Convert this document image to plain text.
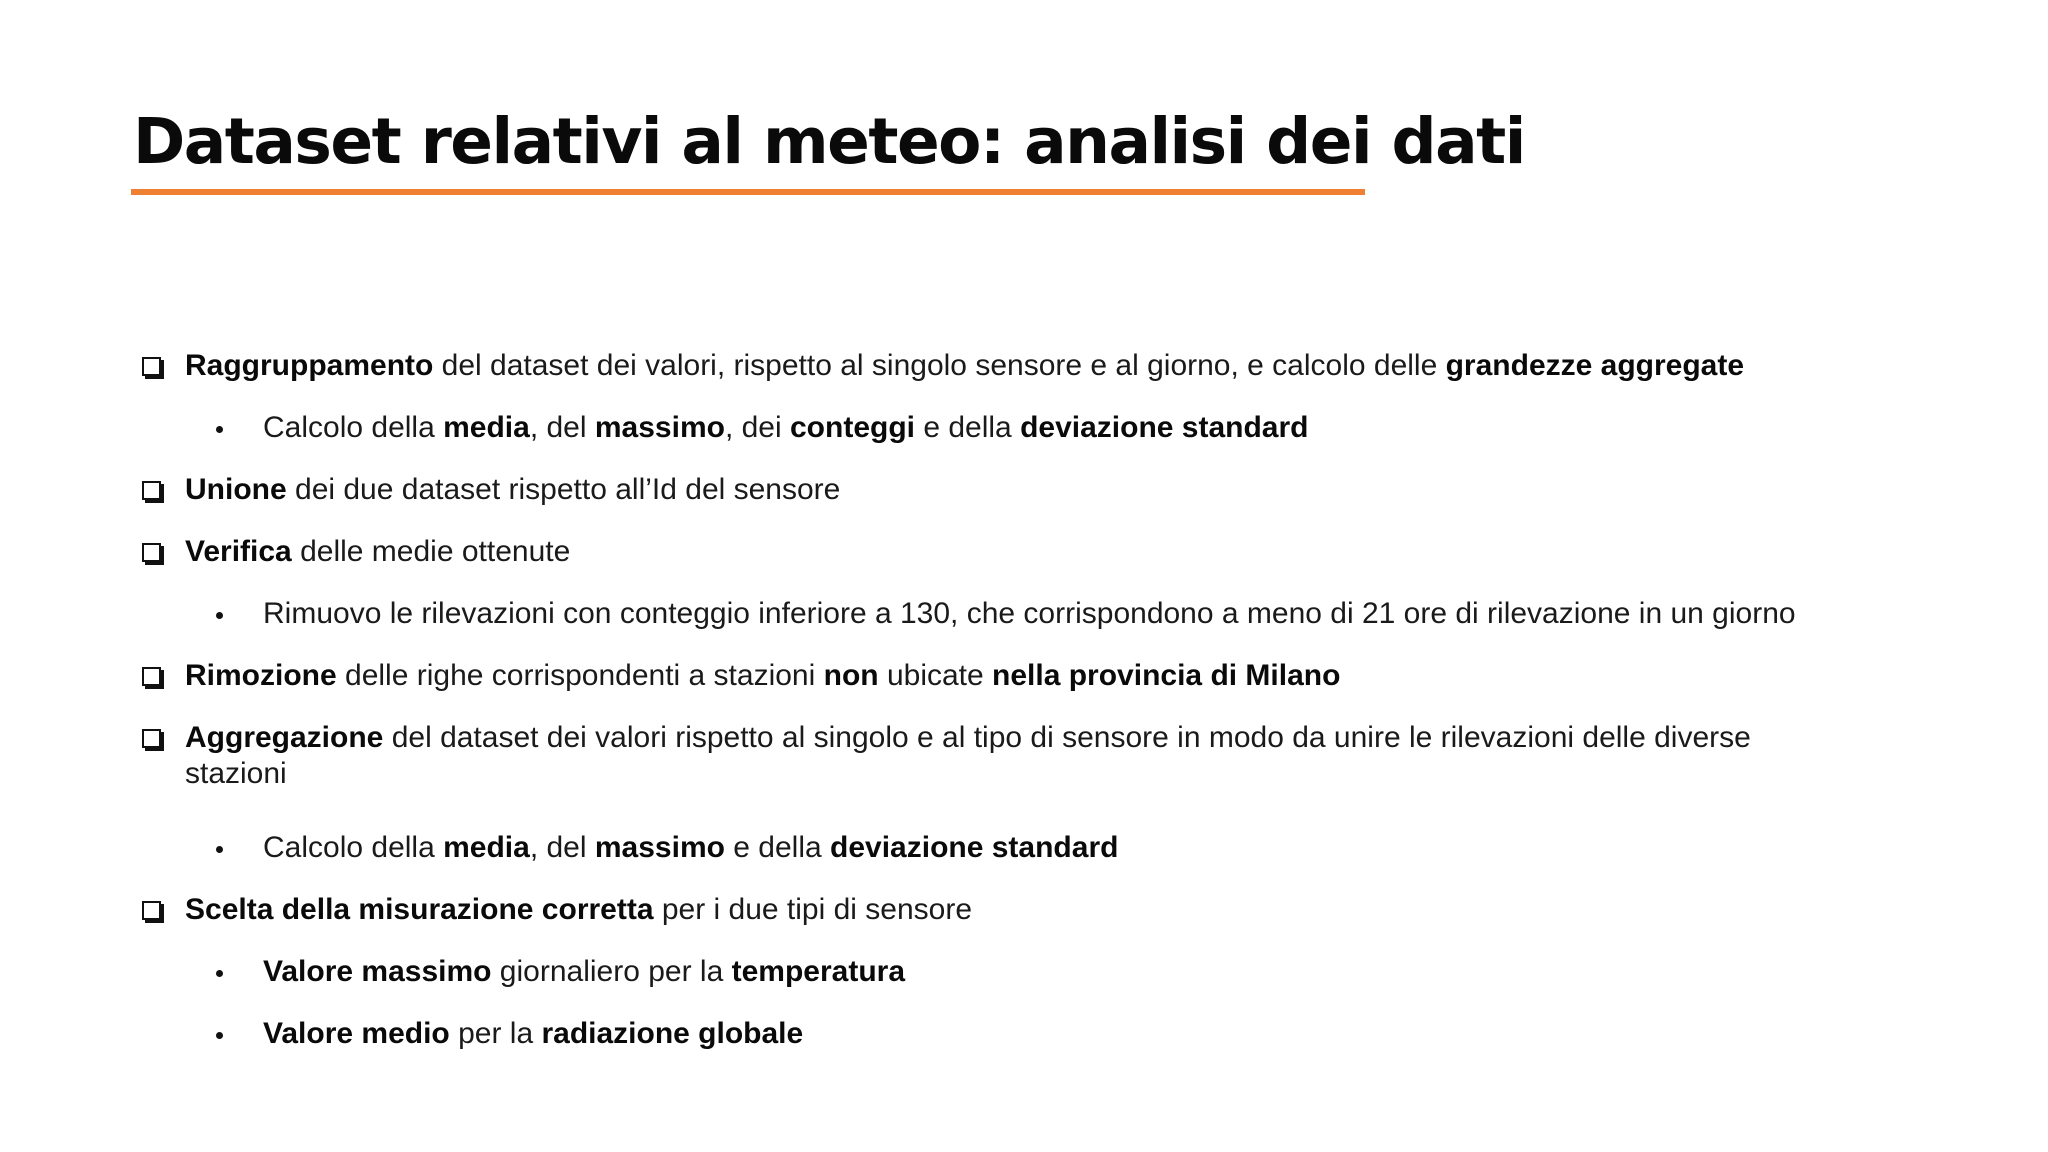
Dataset relativi al meteo: analisi dei dati
Raggruppamento del dataset dei valori, rispetto al singolo sensore e al giorno, e calcolo delle grandezze aggregate
Calcolo della media, del massimo, dei conteggi e della deviazione standard
Unione dei due dataset rispetto all’Id del sensore
Verifica delle medie ottenute
Rimuovo le rilevazioni con conteggio inferiore a 130, che corrispondono a meno di 21 ore di rilevazione in un giorno
Rimozione delle righe corrispondenti a stazioni non ubicate nella provincia di Milano
Aggregazione del dataset dei valori rispetto al singolo e al tipo di sensore in modo da unire le rilevazioni delle diverse
stazioni
Calcolo della media, del massimo e della deviazione standard
Scelta della misurazione corretta per i due tipi di sensore
Valore massimo giornaliero per la temperatura
Valore medio per la radiazione globale
